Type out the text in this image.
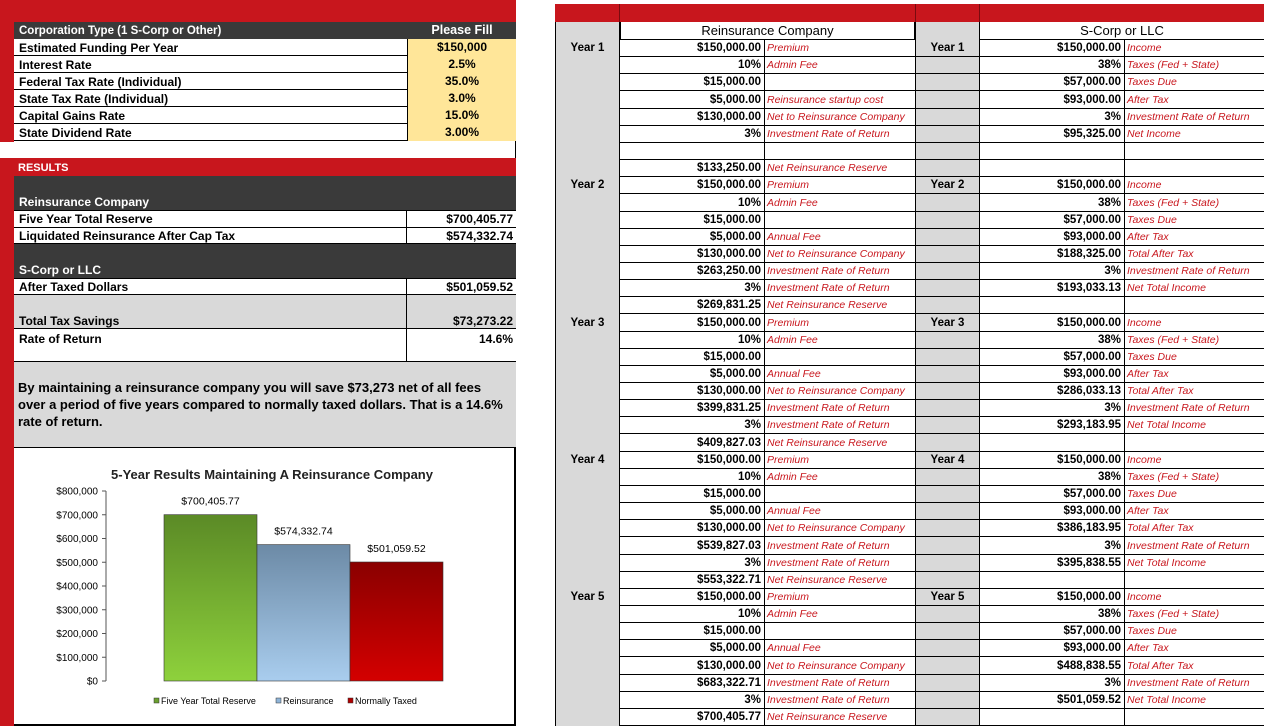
Corporation Type (1 S-Corp or Other)	Please Fill
Estimated Funding Per Year	$150,000
Interest Rate	2.5%
Federal Tax Rate (Individual)	35.0%
State Tax Rate (Individual)	3.0%
Capital Gains Rate	15.0%
State Dividend Rate	3.00%
RESULTS
Reinsurance Company
Five Year Total Reserve	$700,405.77
Liquidated Reinsurance After Cap Tax	$574,332.74
S-Corp or LLC
After Taxed Dollars	$501,059.52
Total Tax Savings	$73,273.22
Rate of Return	14.6%
By maintaining a reinsurance company you will save $73,273 net of all fees over a period of five years compared to normally taxed dollars. That is a 14.6% rate of return.
5-Year Results Maintaining A Reinsurance Company
$0
$100,000
$200,000
$300,000
$400,000
$500,000
$600,000
$700,000
$800,000
$700,405.77
$574,332.74
$501,059.52
Five Year Total Reserve	Reinsurance Normally Taxed
Reinsurance Company	S-Corp or LLC
Year 1	$150,000.00 Premium	Year 1	$150,000.00 Income
10% Admin Fee	38% Taxes (Fed + State)
$15,000.00	$57,000.00 Taxes Due
$5,000.00 Reinsurance startup cost	$93,000.00 After Tax
$130,000.00 Net to Reinsurance Company	3% Investment Rate of Return
3% Investment Rate of Return	$95,325.00 Net Income
$133,250.00 Net Reinsurance Reserve
Year 2	$150,000.00 Premium	Year 2	$150,000.00 Income
10% Admin Fee	38% Taxes (Fed + State)
$15,000.00	$57,000.00 Taxes Due
$5,000.00 Annual Fee	$93,000.00 After Tax
$130,000.00 Net to Reinsurance Company	$188,325.00 Total After Tax
$263,250.00 Investment Rate of Return	3% Investment Rate of Return
3% Investment Rate of Return	$193,033.13 Net Total Income
$269,831.25 Net Reinsurance Reserve
Year 3	$150,000.00 Premium	Year 3	$150,000.00 Income
10% Admin Fee	38% Taxes (Fed + State)
$15,000.00	$57,000.00 Taxes Due
$5,000.00 Annual Fee	$93,000.00 After Tax
$130,000.00 Net to Reinsurance Company	$286,033.13 Total After Tax
$399,831.25 Investment Rate of Return	3% Investment Rate of Return
3% Investment Rate of Return	$293,183.95 Net Total Income
$409,827.03 Net Reinsurance Reserve
Year 4	$150,000.00 Premium	Year 4	$150,000.00 Income
10% Admin Fee	38% Taxes (Fed + State)
$15,000.00	$57,000.00 Taxes Due
$5,000.00 Annual Fee	$93,000.00 After Tax
$130,000.00 Net to Reinsurance Company	$386,183.95 Total After Tax
$539,827.03 Investment Rate of Return	3% Investment Rate of Return
3% Investment Rate of Return	$395,838.55 Net Total Income
$553,322.71 Net Reinsurance Reserve
Year 5	$150,000.00 Premium	Year 5	$150,000.00 Income
10% Admin Fee	38% Taxes (Fed + State)
$15,000.00	$57,000.00 Taxes Due
$5,000.00 Annual Fee	$93,000.00 After Tax
$130,000.00 Net to Reinsurance Company	$488,838.55 Total After Tax
$683,322.71 Investment Rate of Return	3% Investment Rate of Return
3% Investment Rate of Return	$501,059.52 Net Total Income
$700,405.77 Net Reinsurance Reserve
